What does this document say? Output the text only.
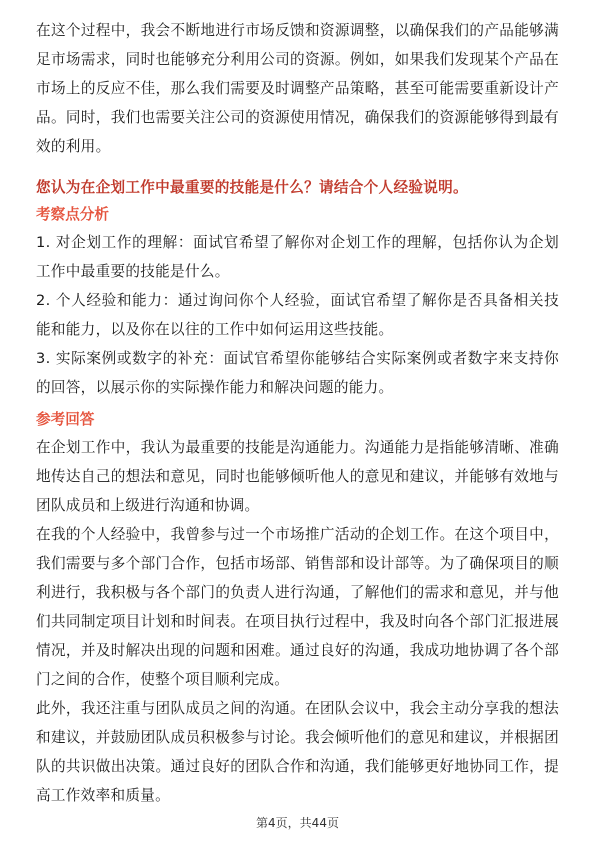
在这个过程中，我会不断地进行市场反馈和资源调整，以确保我们的产品能够满足市场需求，同时也能够充分利用公司的资源。例如，如果我们发现某个产品在市场上的反应不佳，那么我们需要及时调整产品策略，甚至可能需要重新设计产品。同时，我们也需要关注公司的资源使用情况，确保我们的资源能够得到最有效的利用。

您认为在企划工作中最重要的技能是什么？请结合个人经验说明。

考察点分析

1. 对企划工作的理解：面试官希望了解你对企划工作的理解，包括你认为企划工作中最重要的技能是什么。

2. 个人经验和能力：通过询问你个人经验，面试官希望了解你是否具备相关技能和能力，以及你在以往的工作中如何运用这些技能。

3. 实际案例或数字的补充：面试官希望你能够结合实际案例或者数字来支持你的回答，以展示你的实际操作能力和解决问题的能力。

参考回答

在企划工作中，我认为最重要的技能是沟通能力。沟通能力是指能够清晰、准确地传达自己的想法和意见，同时也能够倾听他人的意见和建议，并能够有效地与团队成员和上级进行沟通和协调。

在我的个人经验中，我曾参与过一个市场推广活动的企划工作。在这个项目中，我们需要与多个部门合作，包括市场部、销售部和设计部等。为了确保项目的顺利进行，我积极与各个部门的负责人进行沟通，了解他们的需求和意见，并与他们共同制定项目计划和时间表。在项目执行过程中，我及时向各个部门汇报进展情况，并及时解决出现的问题和困难。通过良好的沟通，我成功地协调了各个部门之间的合作，使整个项目顺利完成。

此外，我还注重与团队成员之间的沟通。在团队会议中，我会主动分享我的想法和建议，并鼓励团队成员积极参与讨论。我会倾听他们的意见和建议，并根据团队的共识做出决策。通过良好的团队合作和沟通，我们能够更好地协同工作，提高工作效率和质量。

第4页，共44页
